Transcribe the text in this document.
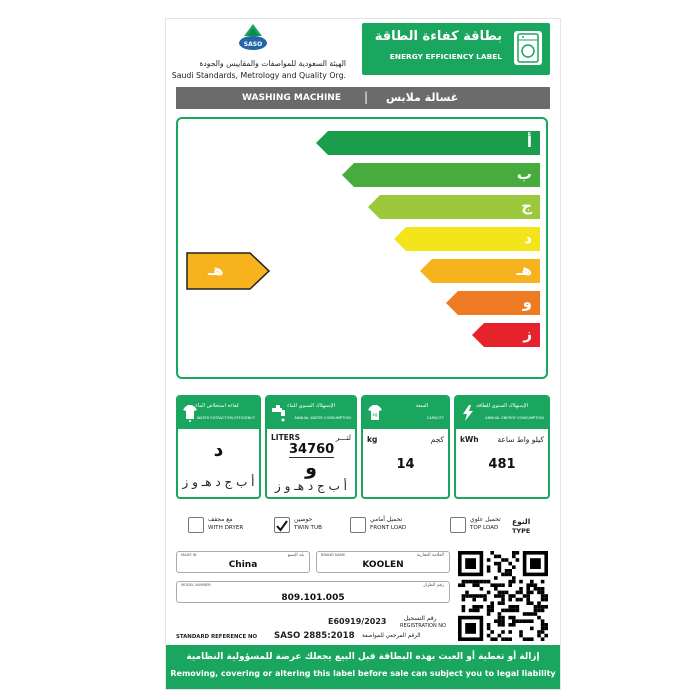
SASO
الهيئة السعودية للمواصفات والمقاييس والجودة
Saudi Standards, Metrology and Quality Org.
بطاقة كفاءة الطاقة
ENERGY EFFICIENCY LABEL
WASHING MACHINE | غسالة ملابس
هـ
أ
ب
ج
د
هـ
و
ز
كفاءة استخلاص الماء
WATER EXTRACTION EFFICIENCY
د
أ ب ج د هـ و ز
الإستهلاك السنوي للماء
ANNUAL WATER CONSUMPTION
LITERS	لتـــر
34760
و
أ ب ج د هـ و ز
kg
السعة
CAPACITY
kg	كجم
14
الإستهلاك السنوي للطاقة
ANNUAL ENERGY CONSUMPTION
kWh كيلو واط ساعة
481
النوع
TYPE
MADE IN	بلد الصنع
China
BRAND NAME	العلامة التجارية
KOOLEN
MODEL NUMBER	رقم الطراز
809.101.005
E60919/2023	رقم التسجيل
REGISTRATION NO
STANDARD REFERENCE NO SASO 2885:2018 الرقم المرجعي للمواصفة
إزالة أو تغطية أو العبث بهذه البطاقة قبل البيع يجعلك عرضة للمسؤولية النظامية
Removing, covering or altering this label before sale can subject you to legal liability
تحميل علوي
TOP LOAD
تحميل أمامي
FRONT LOAD
حوضين
TWIN TUB
مع مجفف
WITH DRYER
